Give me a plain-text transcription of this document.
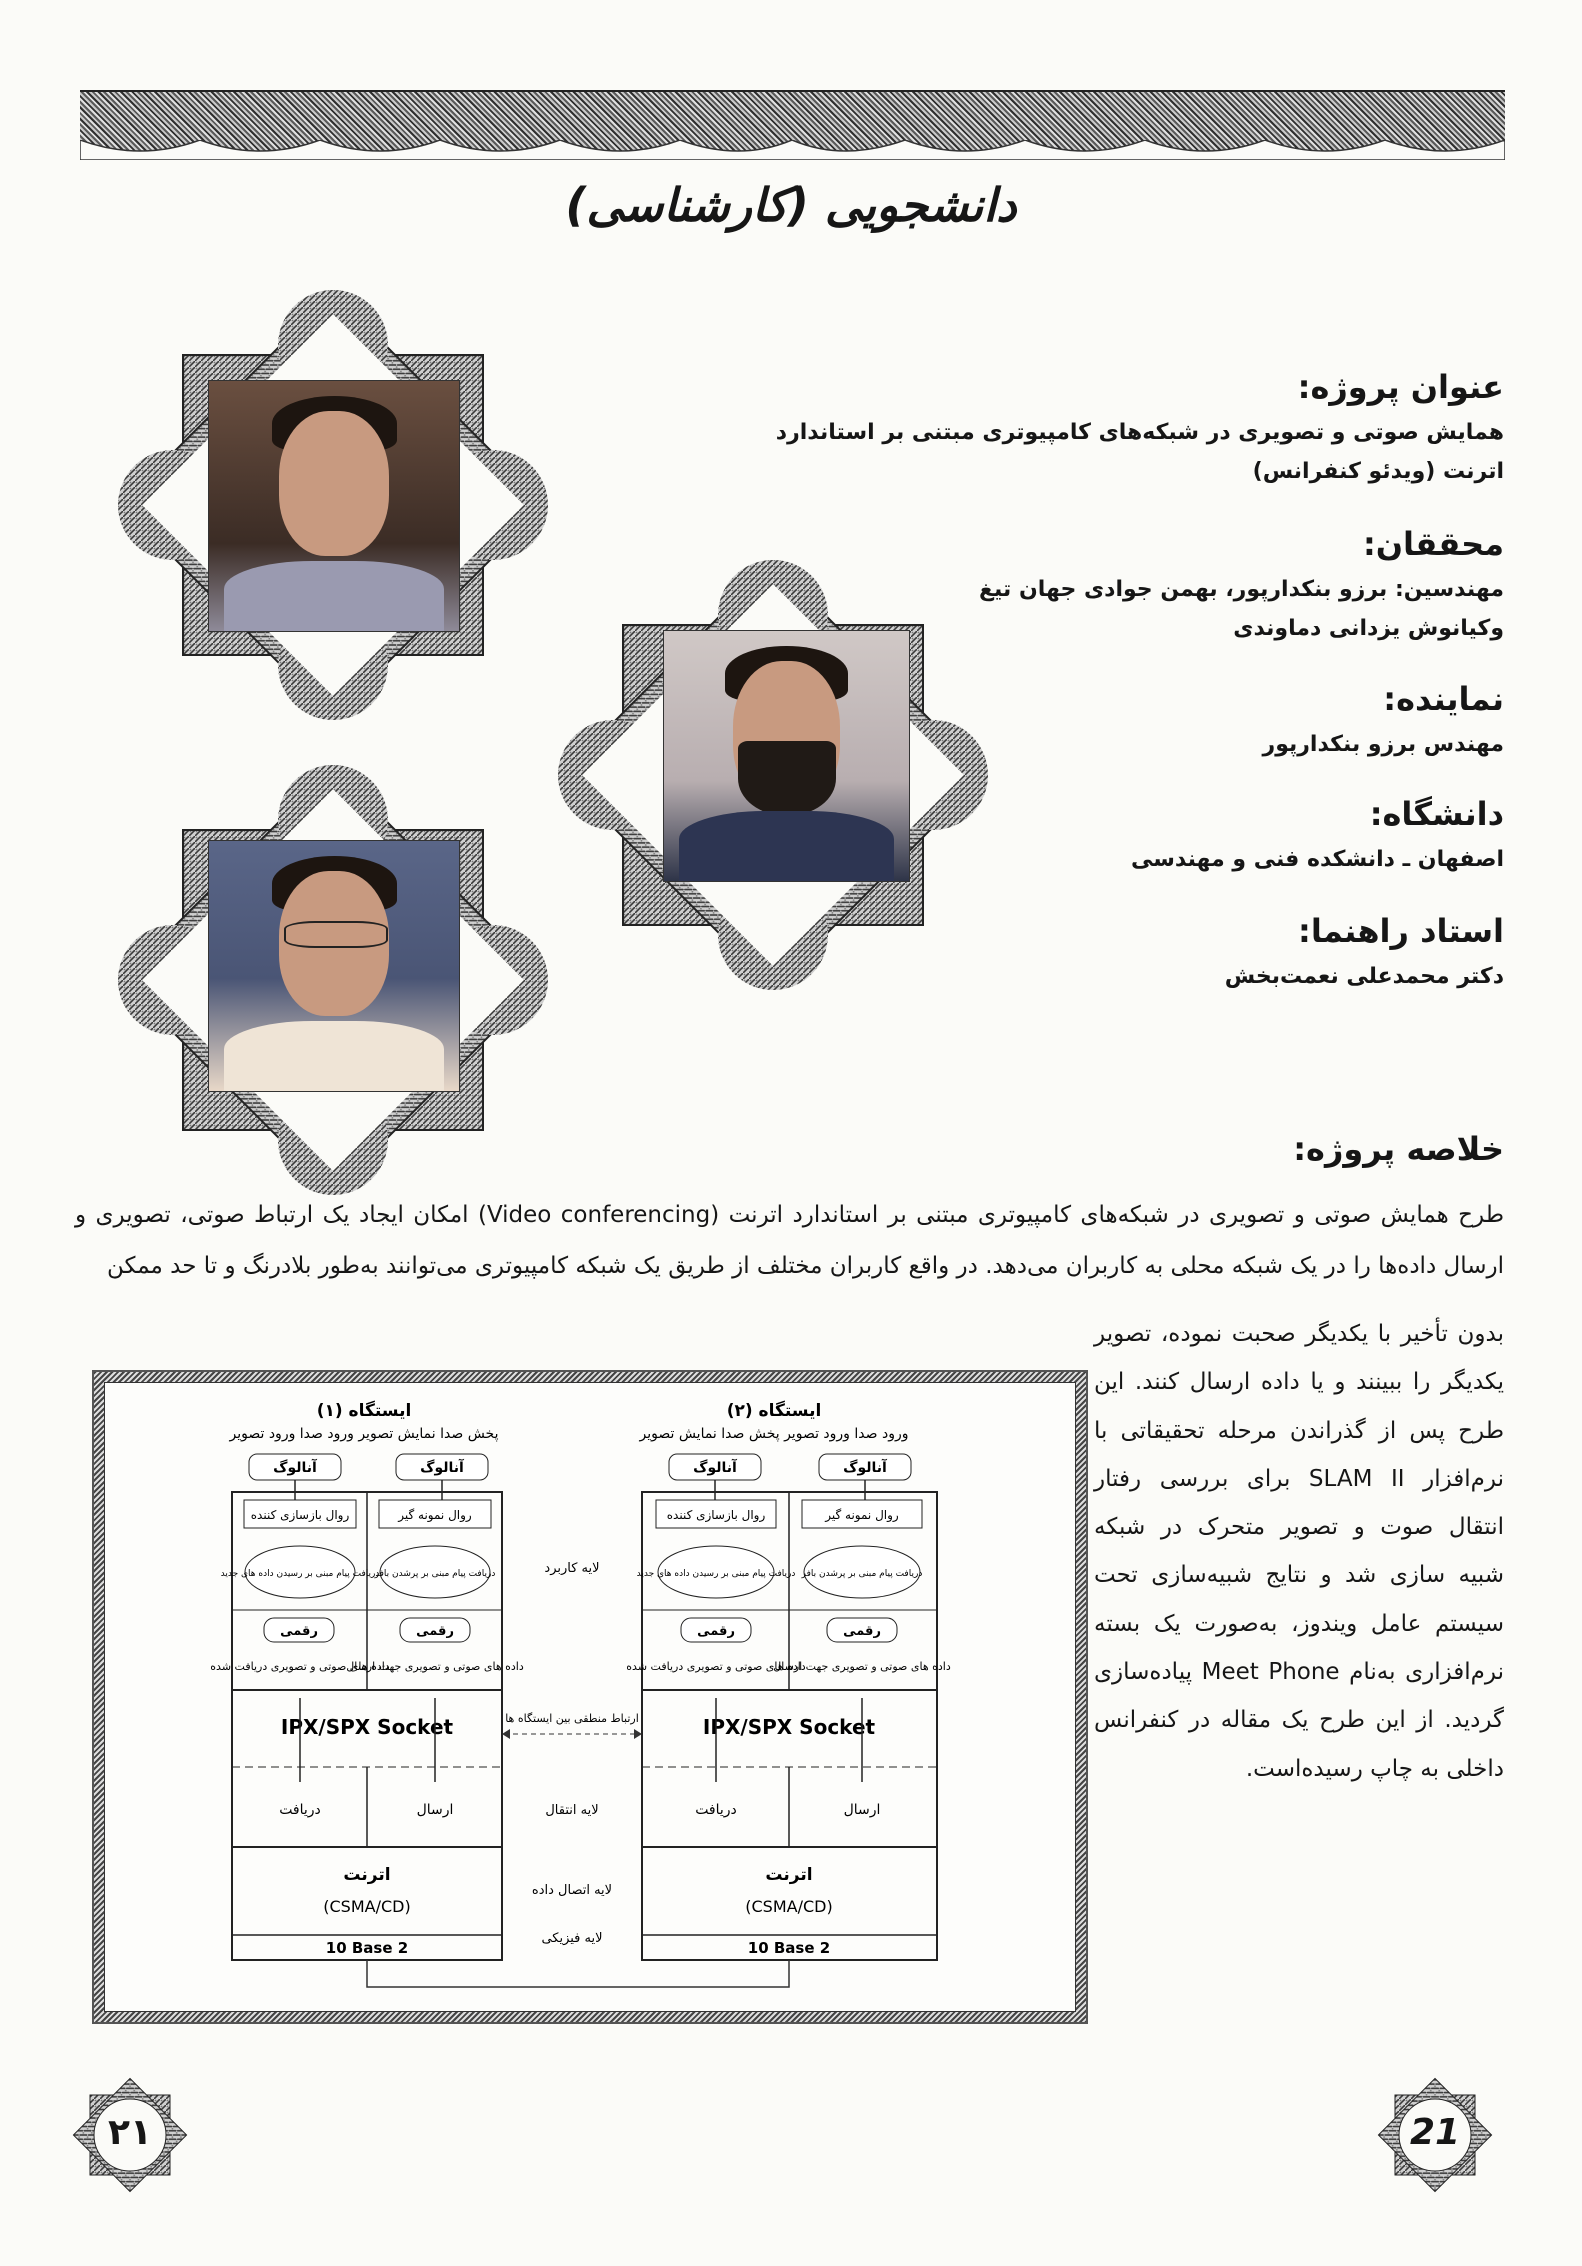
دانشجویی (کارشناسی)
عنوان پروژه:

همایش صوتی و تصویری در شبکه‌های کامپیوتری مبتنی بر استاندارد

اترنت (ویدئو کنفرانس)

محققان:

مهندسین: برزو بنکدارپور، بهمن جوادی جهان تیغ

وکیانوش یزدانی دماوندی

نماینده:

مهندس برزو بنکدارپور

دانشگاه:

اصفهان ـ دانشکده فنی و مهندسی

استاد راهنما:

دکتر محمدعلی نعمت‌بخش

خلاصه پروژه:
طرح همایش صوتی و تصویری در شبکه‌های کامپیوتری مبتنی بر استاندارد اترنت (Video conferencing) امکان ایجاد یک ارتباط صوتی، تصویری و ارسال داده‌ها را در یک شبکه محلی به کاربران می‌دهد. در واقع کاربران مختلف از طریق یک شبکه کامپیوتری می‌توانند به‌طور بلادرنگ و تا حد ممکن
بدون تأخیر با یکدیگر صحبت نموده، تصویر یکدیگر را ببینند و یا داده ارسال کنند. این طرح پس از گذراندن مرحله تحقیقاتی با نرم‌افزار SLAM II برای بررسی رفتار انتقال صوت و تصویر متحرک در شبکه شبیه سازی شد و نتایج شبیه‌سازی تحت سیستم عامل ویندوز، به‌صورت یک بسته نرم‌افزاری به‌نام Meet Phone پیاده‌سازی گردید. از این طرح یک مقاله در کنفرانس داخلی به چاپ رسیده‌است.
ایستگاه (۱)
پخش صدا نمایش تصویر ورود صدا ورود تصویر
آنالوگ	آنالوگ
روال بازسازی کننده	روال نمونه گیر
دریافت پیام مبنی بر رسیدن داده های جدید
دریافت پیام مبنی بر پرشدن بافر
رقمی	رقمی
داده های صوتی و تصویری دریافت شده
داده های صوتی و تصویری جهت ارسال
IPX/SPX Socket
دریافت	ارسال
اترنت
(CSMA/CD)
10 Base 2
ایستگاه (۲)
ورود صدا ورود تصویر پخش صدا نمایش تصویر
آنالوگ	آنالوگ
روال بازسازی کننده	روال نمونه گیر
دریافت پیام مبنی بر رسیدن داده های جدید دریافت پیام مبنی بر پرشدن بافر
رقمی	رقمی
داده های صوتی و تصویری دریافت شده
داده های صوتی و تصویری جهت ارسال
IPX/SPX Socket
دریافت	ارسال
اترنت
(CSMA/CD)
10 Base 2
لایه کاربرد
ارتباط منطقی بین ایستگاه ها
لایه انتقال
لایه اتصال داده
لایه فیزیکی
۲۱	21
